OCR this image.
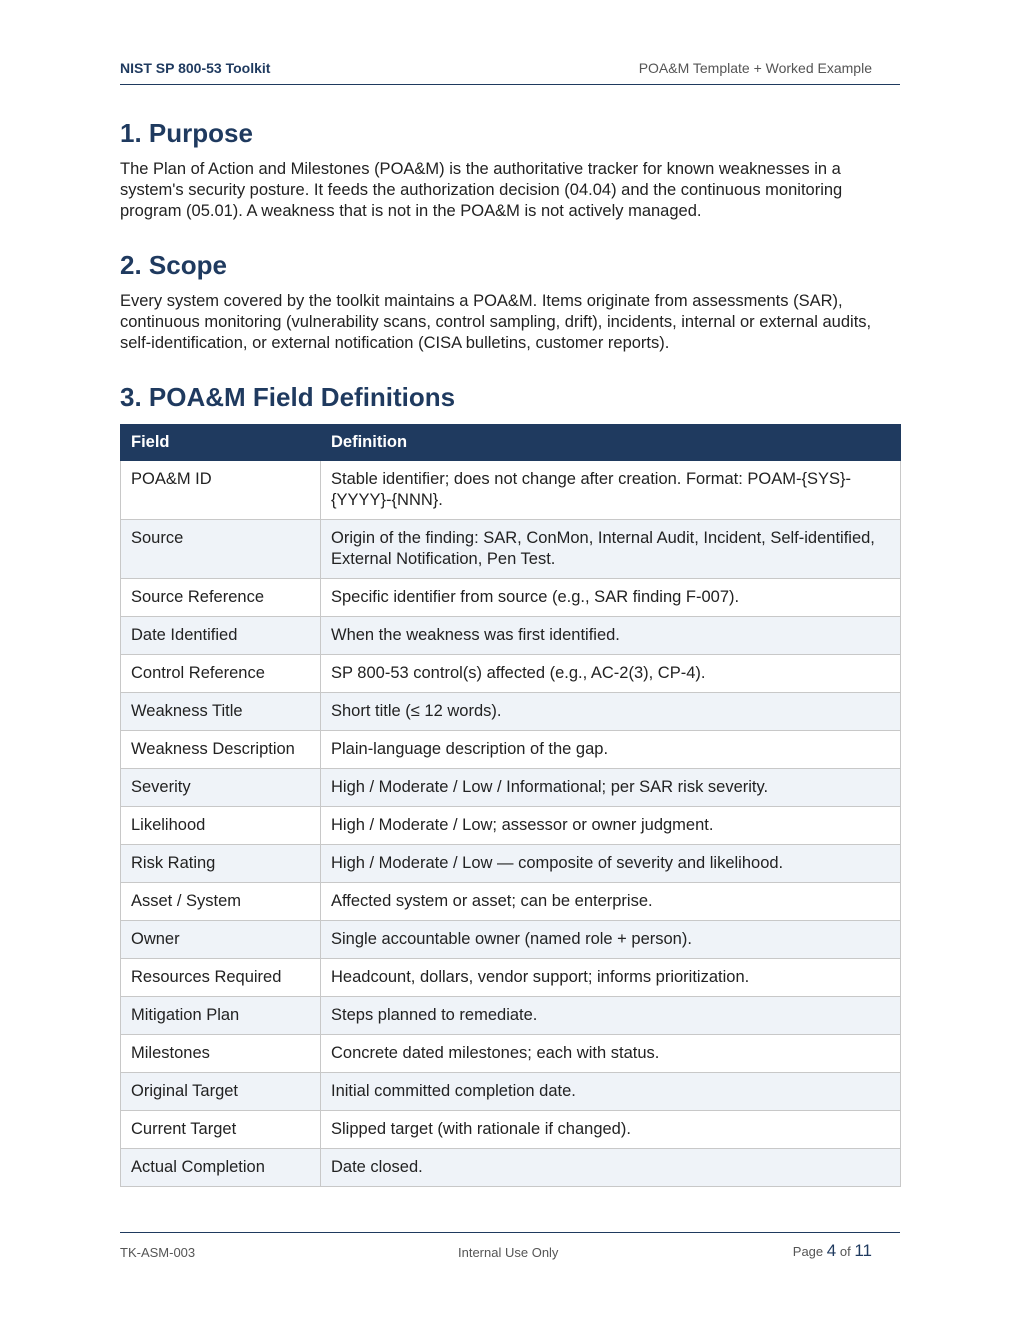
NIST SP 800-53 Toolkit	POA&M Template + Worked Example
1. Purpose

The Plan of Action and Milestones (POA&M) is the authoritative tracker for known weaknesses in a system's security posture. It feeds the authorization decision (04.04) and the continuous monitoring program (05.01). A weakness that is not in the POA&M is not actively managed.

2. Scope

Every system covered by the toolkit maintains a POA&M. Items originate from assessments (SAR), continuous monitoring (vulnerability scans, control sampling, drift), incidents, internal or external audits, self-identification, or external notification (CISA bulletins, customer reports).

3. POA&M Field Definitions
Field	Definition
POA&M ID	Stable identifier; does not change after creation. Format: POAM-{SYS}-{YYYY}-{NNN}.
Source	Origin of the finding: SAR, ConMon, Internal Audit, Incident, Self-identified, External Notification, Pen Test.
Source Reference	Specific identifier from source (e.g., SAR finding F-007).
Date Identified	When the weakness was first identified.
Control Reference	SP 800-53 control(s) affected (e.g., AC-2(3), CP-4).
Weakness Title	Short title (≤ 12 words).
Weakness Description	Plain-language description of the gap.
Severity	High / Moderate / Low / Informational; per SAR risk severity.
Likelihood	High / Moderate / Low; assessor or owner judgment.
Risk Rating	High / Moderate / Low — composite of severity and likelihood.
Asset / System	Affected system or asset; can be enterprise.
Owner	Single accountable owner (named role + person).
Resources Required	Headcount, dollars, vendor support; informs prioritization.
Mitigation Plan	Steps planned to remediate.
Milestones	Concrete dated milestones; each with status.
Original Target	Initial committed completion date.
Current Target	Slipped target (with rationale if changed).
Actual Completion	Date closed.
TK-ASM-003	Internal Use Only	Page 4 of 11
